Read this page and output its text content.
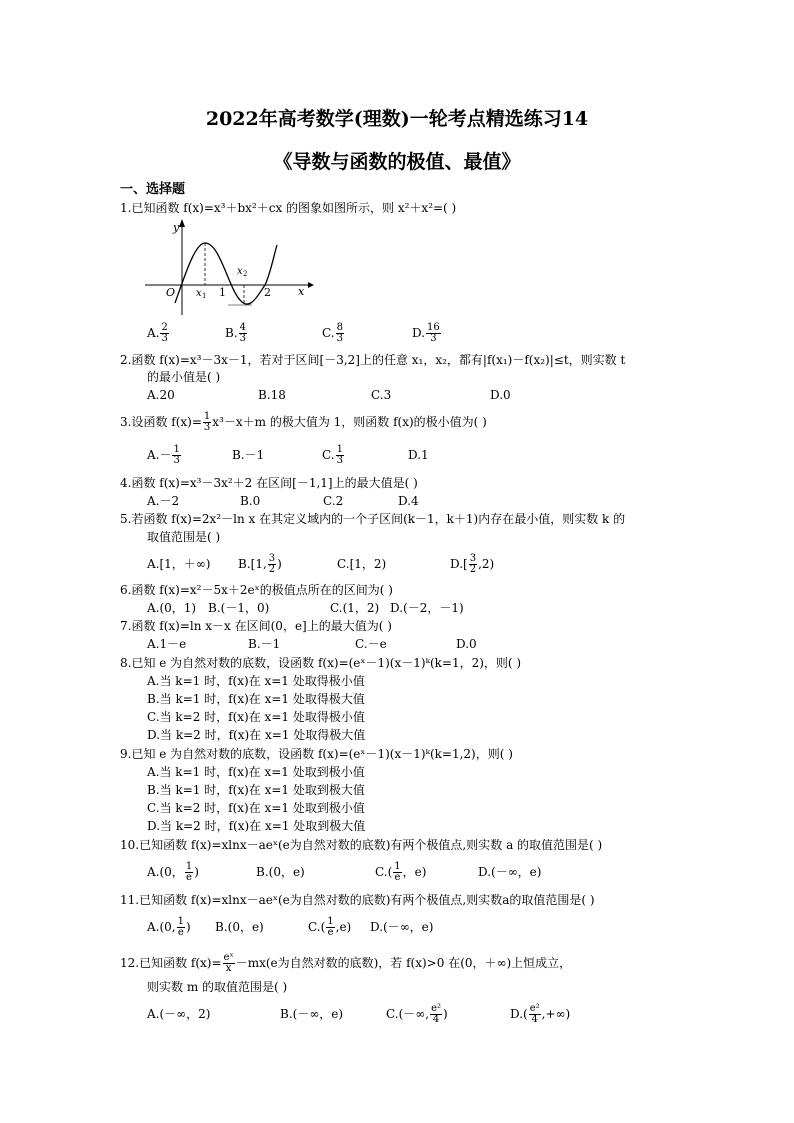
2022年高考数学(理数)一轮考点精选练习14
《导数与函数的极值、最值》
一、选择题
1.已知函数 f(x)=x³＋bx²＋cx 的图象如图所示，则 x²＋x²=( )
y
x
O x 1 1
x 2
2
A. $\frac{2}{3}$	B. $\frac{4}{3}$	C. $\frac{8}{3}$	D. $\frac{16}{3}$
2.函数 f(x)=x³－3x－1，若对于区间[－3,2]上的任意 x₁，x₂，都有|f(x₁)－f(x₂)|≤t，则实数 t
的最小值是( )
A.20	B.18	C.3	D.0
3.设函数 $f(x)= \frac{1}{3} x^3-x+m$ 的极大值为 1，则函数 f(x)的极小值为( )
$A.- \frac{1}{3}$	B.－1	C. $\frac{1}{3}$	D.1
4.函数 f(x)=x³－3x²＋2 在区间[－1,1]上的最大值是( )
A.－2	B.0	C.2	D.4
5.若函数 f(x)=2x²－ln x 在其定义域内的一个子区间(k－1，k＋1)内存在最小值，则实数 k 的
取值范围是( )
A.[1，＋∞) B.[1, $\frac{3}{2}$ )	C.[1，2)	$D.[ \frac{3}{2} ,2)$
6.函数 f(x)=x²－5x＋2eˣ的极值点所在的区间为( )
A.(0，1) B.(－1，0)	C.(1，2) D.(－2，－1)
7.函数 f(x)=ln x－x 在区间(0，e]上的最大值为( )
A.1－e	B.－1	C.－e	D.0
8.已知 e 为自然对数的底数，设函数 f(x)=(eˣ－1)(x－1)ᵏ(k=1，2)，则( )
A.当 k=1 时，f(x)在 x=1 处取得极小值
B.当 k=1 时，f(x)在 x=1 处取得极大值
C.当 k=2 时，f(x)在 x=1 处取得极小值
D.当 k=2 时，f(x)在 x=1 处取得极大值
9.已知 e 为自然对数的底数，设函数 f(x)=(eˣ－1)(x－1)ᵏ(k=1,2)，则( )
A.当 k=1 时，f(x)在 x=1 处取到极小值
B.当 k=1 时，f(x)在 x=1 处取到极大值
C.当 k=2 时，f(x)在 x=1 处取到极小值
D.当 k=2 时，f(x)在 x=1 处取到极大值
10.已知函数 f(x)=xlnx－aeˣ(e为自然对数的底数)有两个极值点,则实数 a 的取值范围是( )
A.(0， $\frac{1}{e}$ )	B.(0，e)	$C.( \frac{1}{e}$ ，e)	D.(－∞，e)
11.已知函数 f(x)=xlnx－aeˣ(e为自然对数的底数)有两个极值点,则实数a的取值范围是( )
A.(0, $\frac{1}{e}$ ) B.(0，e)	$C.( \frac{1}{e} ,e)$ D.(－∞，e)
12.已知函数 $f(x)= \frac{\text{eˣ}}{x} -mx(e$为自然对数的底数)，若 f(x)>0 在(0，＋∞)上恒成立，
则实数 m 的取值范围是( )
A.(－∞，2)	B.(－∞，e)	C.(－∞, $\frac{\text{e²}}{4}$ )	$D.( \frac{\text{e²}}{4}$ ,+∞)
